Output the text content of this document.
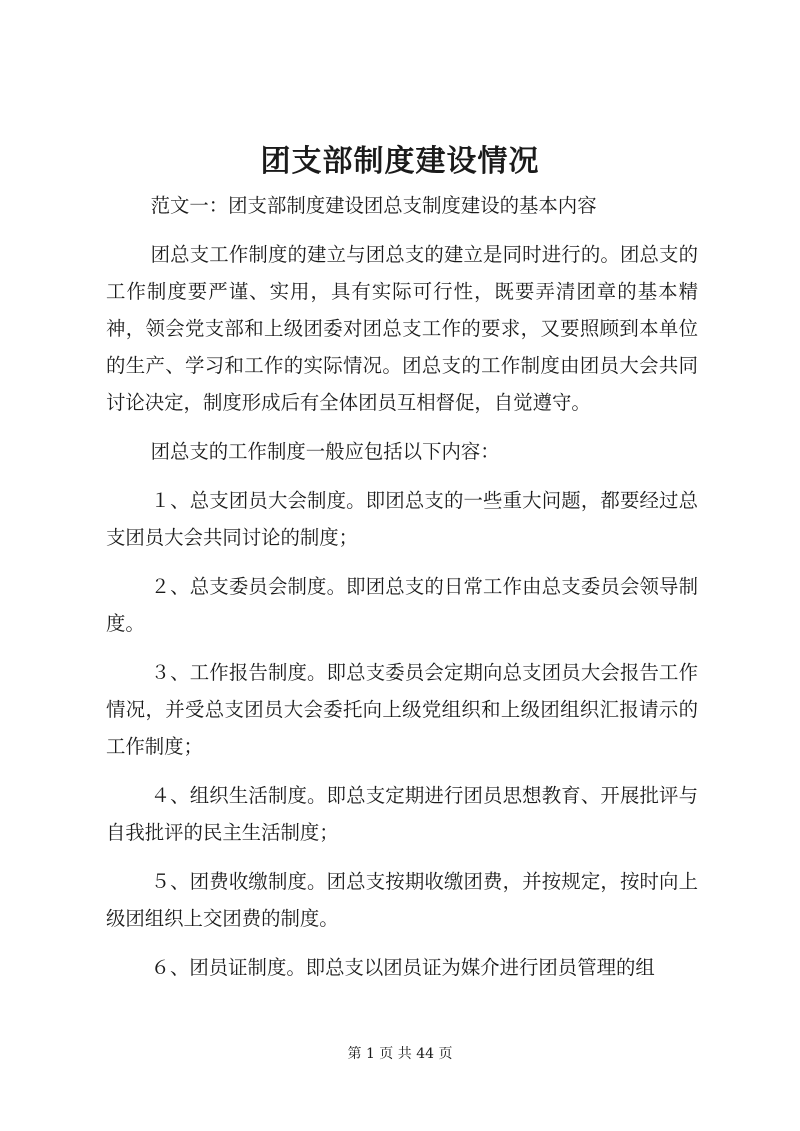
团支部制度建设情况

范文一：团支部制度建设团总支制度建设的基本内容

团总支工作制度的建立与团总支的建立是同时进行的。团总支的工作制度要严谨、实用，具有实际可行性，既要弄清团章的基本精神，领会党支部和上级团委对团总支工作的要求，又要照顾到本单位的生产、学习和工作的实际情况。团总支的工作制度由团员大会共同讨论决定，制度形成后有全体团员互相督促，自觉遵守。

团总支的工作制度一般应包括以下内容：

１、总支团员大会制度。即团总支的一些重大问题，都要经过总支团员大会共同讨论的制度；

２、总支委员会制度。即团总支的日常工作由总支委员会领导制度。

３、工作报告制度。即总支委员会定期向总支团员大会报告工作情况，并受总支团员大会委托向上级党组织和上级团组织汇报请示的工作制度；

４、组织生活制度。即总支定期进行团员思想教育、开展批评与自我批评的民主生活制度；

５、团费收缴制度。团总支按期收缴团费，并按规定，按时向上级团组织上交团费的制度。

６、团员证制度。即总支以团员证为媒介进行团员管理的组

第 1 页 共 44 页
